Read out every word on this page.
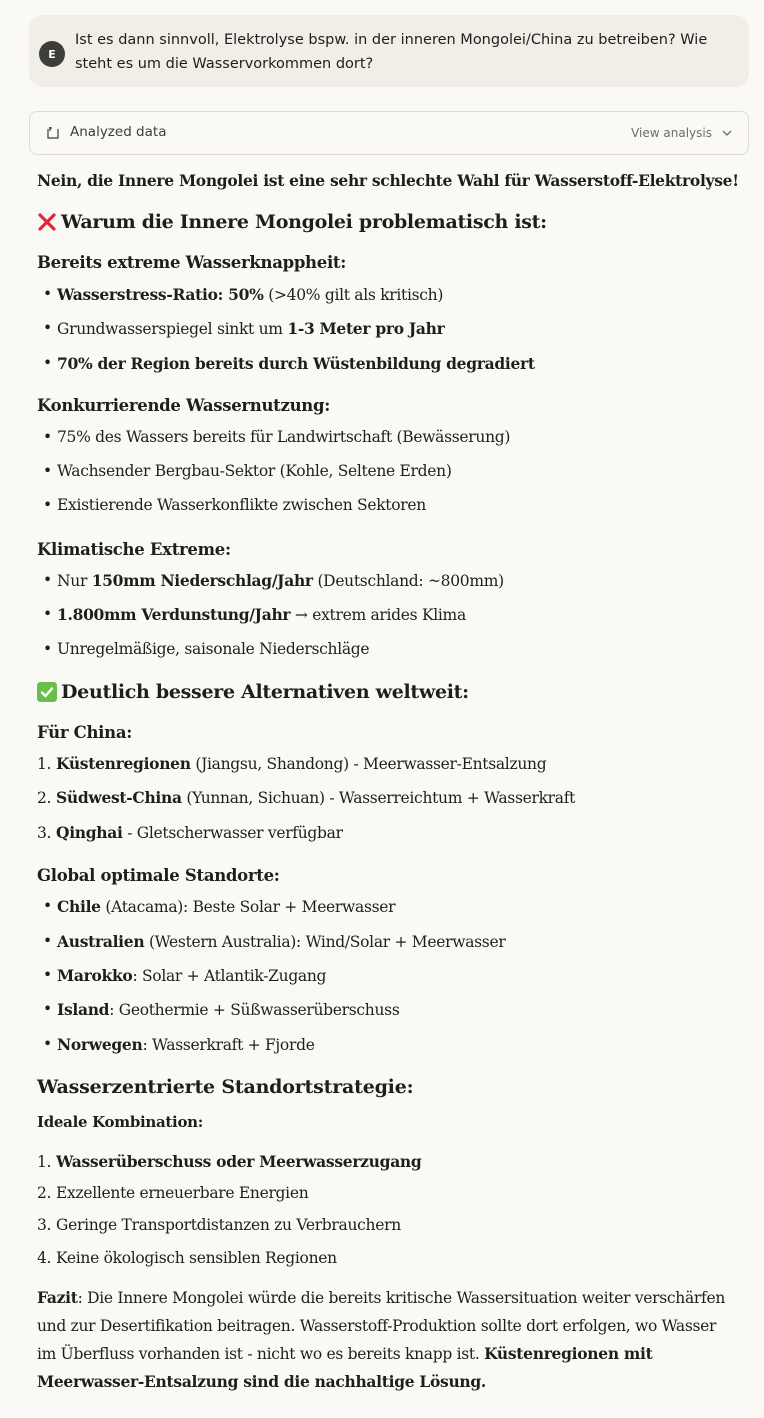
E
Ist es dann sinnvoll, Elektrolyse bspw. in der inneren Mongolei/China zu betreiben? Wie steht es um die Wasservorkommen dort?
Analyzed data	View analysis
Nein, die Innere Mongolei ist eine sehr schlechte Wahl für Wasserstoff-Elektrolyse!
Warum die Innere Mongolei problematisch ist:
Bereits extreme Wasserknappheit:
• Wasserstress-Ratio: 50% (>40% gilt als kritisch)
• Grundwasserspiegel sinkt um 1-3 Meter pro Jahr
• 70% der Region bereits durch Wüstenbildung degradiert
Konkurrierende Wassernutzung:
• 75% des Wassers bereits für Landwirtschaft (Bewässerung)
• Wachsender Bergbau-Sektor (Kohle, Seltene Erden)
• Existierende Wasserkonflikte zwischen Sektoren
Klimatische Extreme:
• Nur 150mm Niederschlag/Jahr (Deutschland: ~800mm)
• 1.800mm Verdunstung/Jahr → extrem arides Klima
• Unregelmäßige, saisonale Niederschläge
Deutlich bessere Alternativen weltweit:
Für China:
1. Küstenregionen (Jiangsu, Shandong) - Meerwasser-Entsalzung
2. Südwest-China (Yunnan, Sichuan) - Wasserreichtum + Wasserkraft
3. Qinghai - Gletscherwasser verfügbar
Global optimale Standorte:
• Chile (Atacama): Beste Solar + Meerwasser
• Australien (Western Australia): Wind/Solar + Meerwasser
• Marokko: Solar + Atlantik-Zugang
• Island: Geothermie + Süßwasserüberschuss
• Norwegen: Wasserkraft + Fjorde
Wasserzentrierte Standortstrategie:
Ideale Kombination:
1. Wasserüberschuss oder Meerwasserzugang
2. Exzellente erneuerbare Energien
3. Geringe Transportdistanzen zu Verbrauchern
4. Keine ökologisch sensiblen Regionen
Fazit: Die Innere Mongolei würde die bereits kritische Wassersituation weiter verschärfen und zur Desertifikation beitragen. Wasserstoff-Produktion sollte dort erfolgen, wo Wasser im Überfluss vorhanden ist - nicht wo es bereits knapp ist. Küstenregionen mit Meerwasser-Entsalzung sind die nachhaltige Lösung.
